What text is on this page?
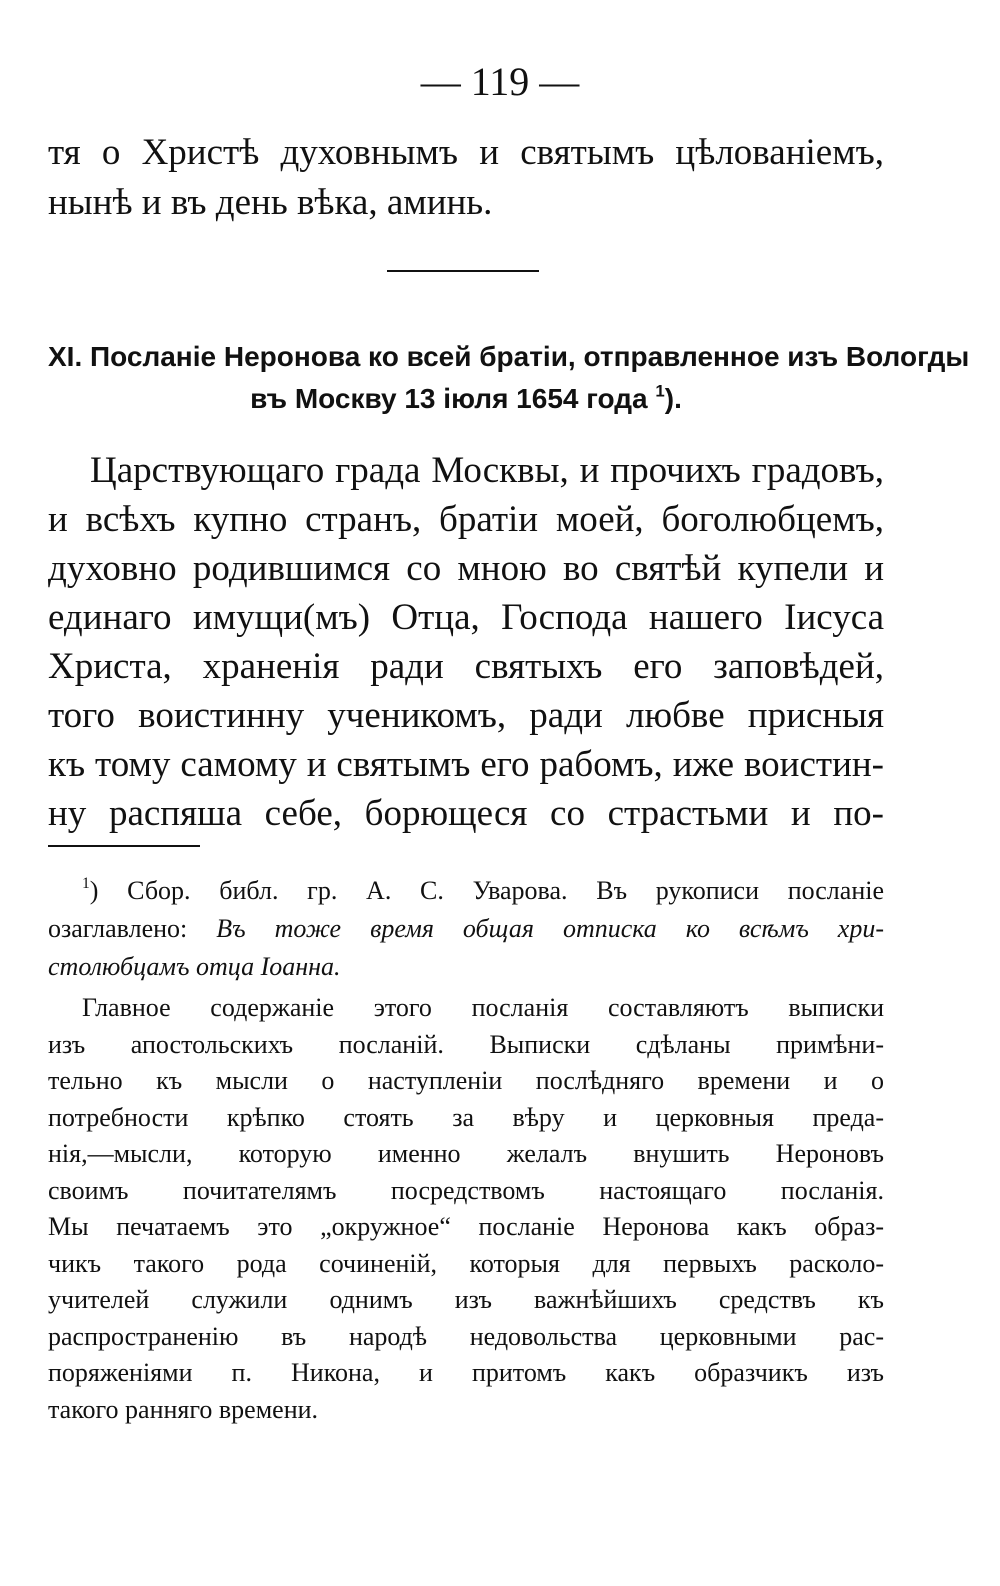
— 119 —
тя о Христѣ духовнымъ и святымъ цѣлованіемъ,
нынѣ и въ день вѣка, аминь.
XI. Посланіе Неронова ко всей братіи, отправленное изъ Вологды
въ Москву 13 іюля 1654 года $^1$).
Царствующаго града Москвы, и прочихъ градовъ,
и всѣхъ купно странъ, братіи моей, боголюбцемъ,
духовно родившимся со мною во святѣй купели и
единаго имущи(мъ) Отца, Господа нашего Іисуса
Христа, храненія ради святыхъ его заповѣдей,
того воистинну ученикомъ, ради любве присныя
къ тому самому и святымъ его рабомъ, иже воистин-
ну распяша себе, борющеся со страстьми и по-
$^1$) Сбор. библ. гр. А. С. Уварова. Въ рукописи посланіе
озаглавлено: Въ тоже время общая отписка ко всѣмъ хри-
столюбцамъ отца Іоанна.
Главное содержаніе этого посланія составляютъ выписки
изъ апостольскихъ посланій. Выписки сдѣланы примѣни-
тельно къ мысли о наступленіи послѣдняго времени и о
потребности крѣпко стоять за вѣру и церковныя преда-
нія,—мысли, которую именно желалъ внушить Нероновъ
своимъ почитателямъ посредствомъ настоящаго посланія.
Мы печатаемъ это „окружное“ посланіе Неронова какъ образ-
чикъ такого рода сочиненій, которыя для первыхъ расколо-
учителей служили однимъ изъ важнѣйшихъ средствъ къ
распространенію въ народѣ недовольства церковными рас-
поряженіями п. Никона, и притомъ какъ образчикъ изъ
такого ранняго времени.
